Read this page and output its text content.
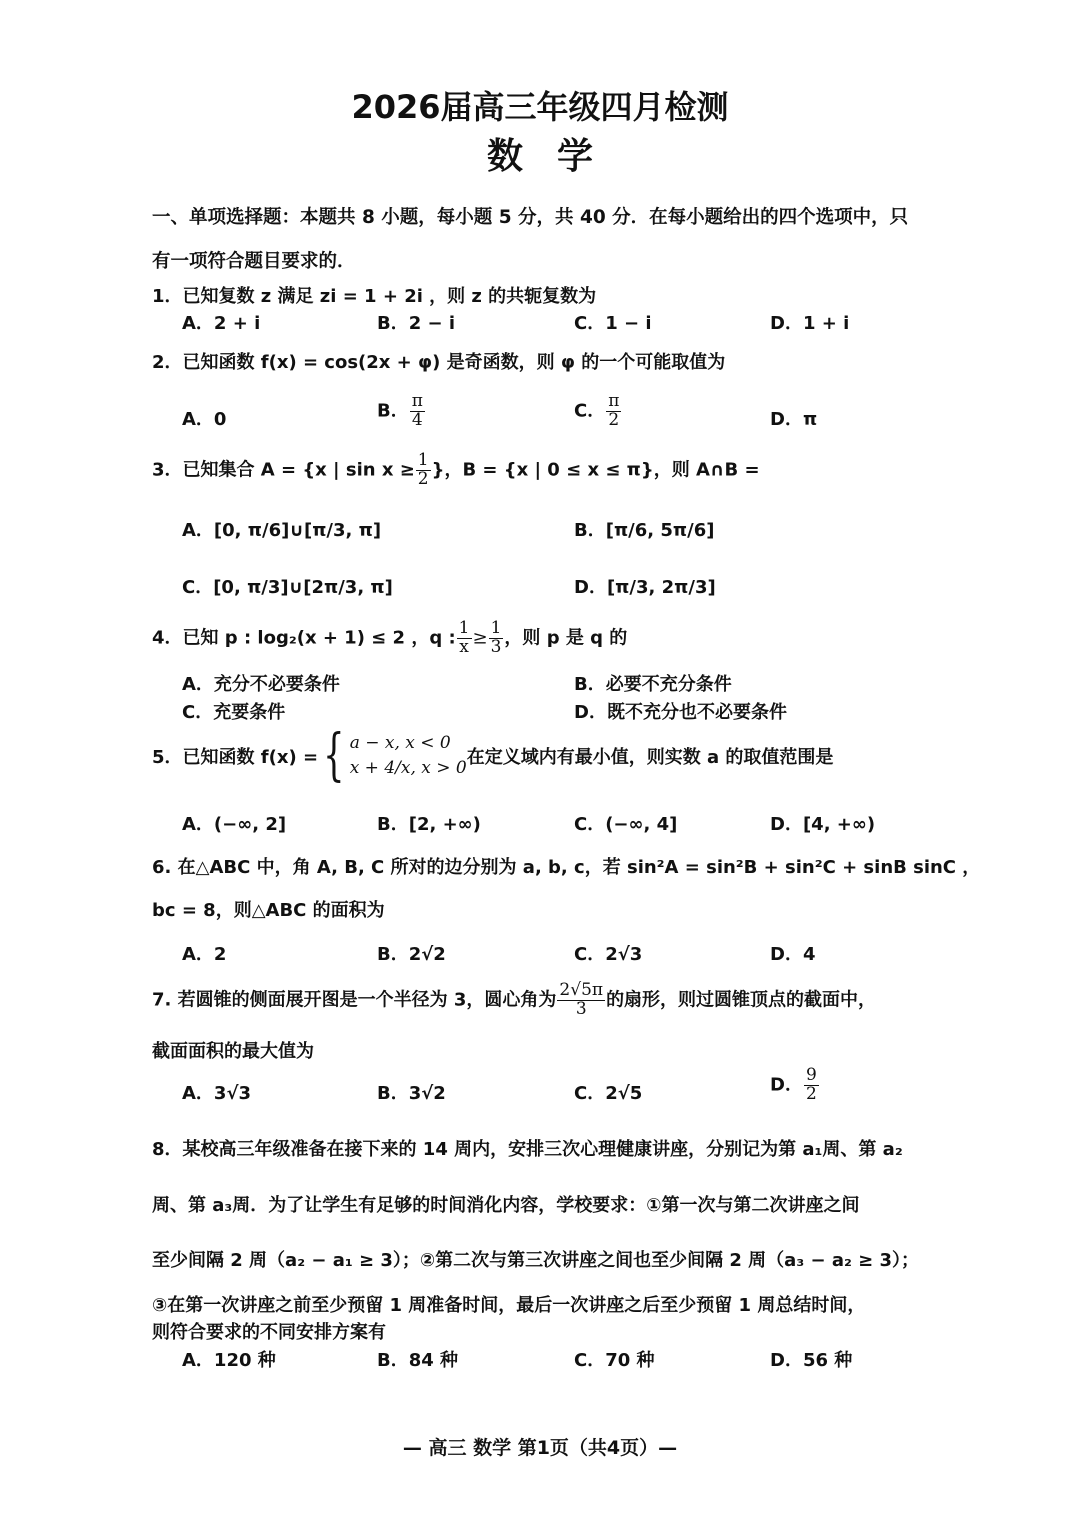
2026届高三年级四月检测
数学
一、单项选择题：本题共 8 小题，每小题 5 分，共 40 分．在每小题给出的四个选项中，只
有一项符合题目要求的．
1．已知复数 z 满足 zi = 1 + 2i ，则 z 的共轭复数为
A．2 + i	B．2 − i	C．1 − i	D．1 + i
2．已知函数 f(x) = cos(2x + φ) 是奇函数，则 φ 的一个可能取值为
A．0	B． $\frac{\pi}{4}$	C． $\frac{\pi}{2}$	D．π
3．已知集合 A = {x | $\sin x \ge \frac{1}{2}$ }，B = {x | 0 ≤ x ≤ π}，则 A∩B =
A．[0, π/6]∪[π/3, π]	B．[π/6, 5π/6]
C．[0, π/3]∪[2π/3, π]	D．[π/3, 2π/3]
4．已知 p : log₂(x + 1) ≤ 2 ，q : $\frac{1}{x} \ge \frac{1}{3}$ ，则 p 是 q 的
A．充分不必要条件	B．必要不充分条件
C．充要条件	D．既不充分也不必要条件
5．已知函数 f(x) = { a − x, x < 0
x + 4/x, x > 0 在定义域内有最小值，则实数 a 的取值范围是
A．(−∞, 2]	B．[2, +∞)	C．(−∞, 4]	D．[4, +∞)
6. 在△ABC 中，角 A, B, C 所对的边分别为 a, b, c，若 sin²A = sin²B + sin²C + sinB sinC ，
bc = 8，则△ABC 的面积为
A．2	B．2√2	C．2√3	D．4
7. 若圆锥的侧面展开图是一个半径为 3，圆心角为 $\frac{2√5\pi}{3}$ 的扇形，则过圆锥顶点的截面中，
截面面积的最大值为
A．3√3	B．3√2	C．2√5	D． $\frac{9}{2}$
8．某校高三年级准备在接下来的 14 周内，安排三次心理健康讲座，分别记为第 a₁周、第 a₂
周、第 a₃周．为了让学生有足够的时间消化内容，学校要求：①第一次与第二次讲座之间
至少间隔 2 周（a₂ − a₁ ≥ 3）；②第二次与第三次讲座之间也至少间隔 2 周（a₃ − a₂ ≥ 3）；
③在第一次讲座之前至少预留 1 周准备时间，最后一次讲座之后至少预留 1 周总结时间，
则符合要求的不同安排方案有
A．120 种	B．84 种	C．70 种	D．56 种
— 高三 数学 第1页（共4页）—
